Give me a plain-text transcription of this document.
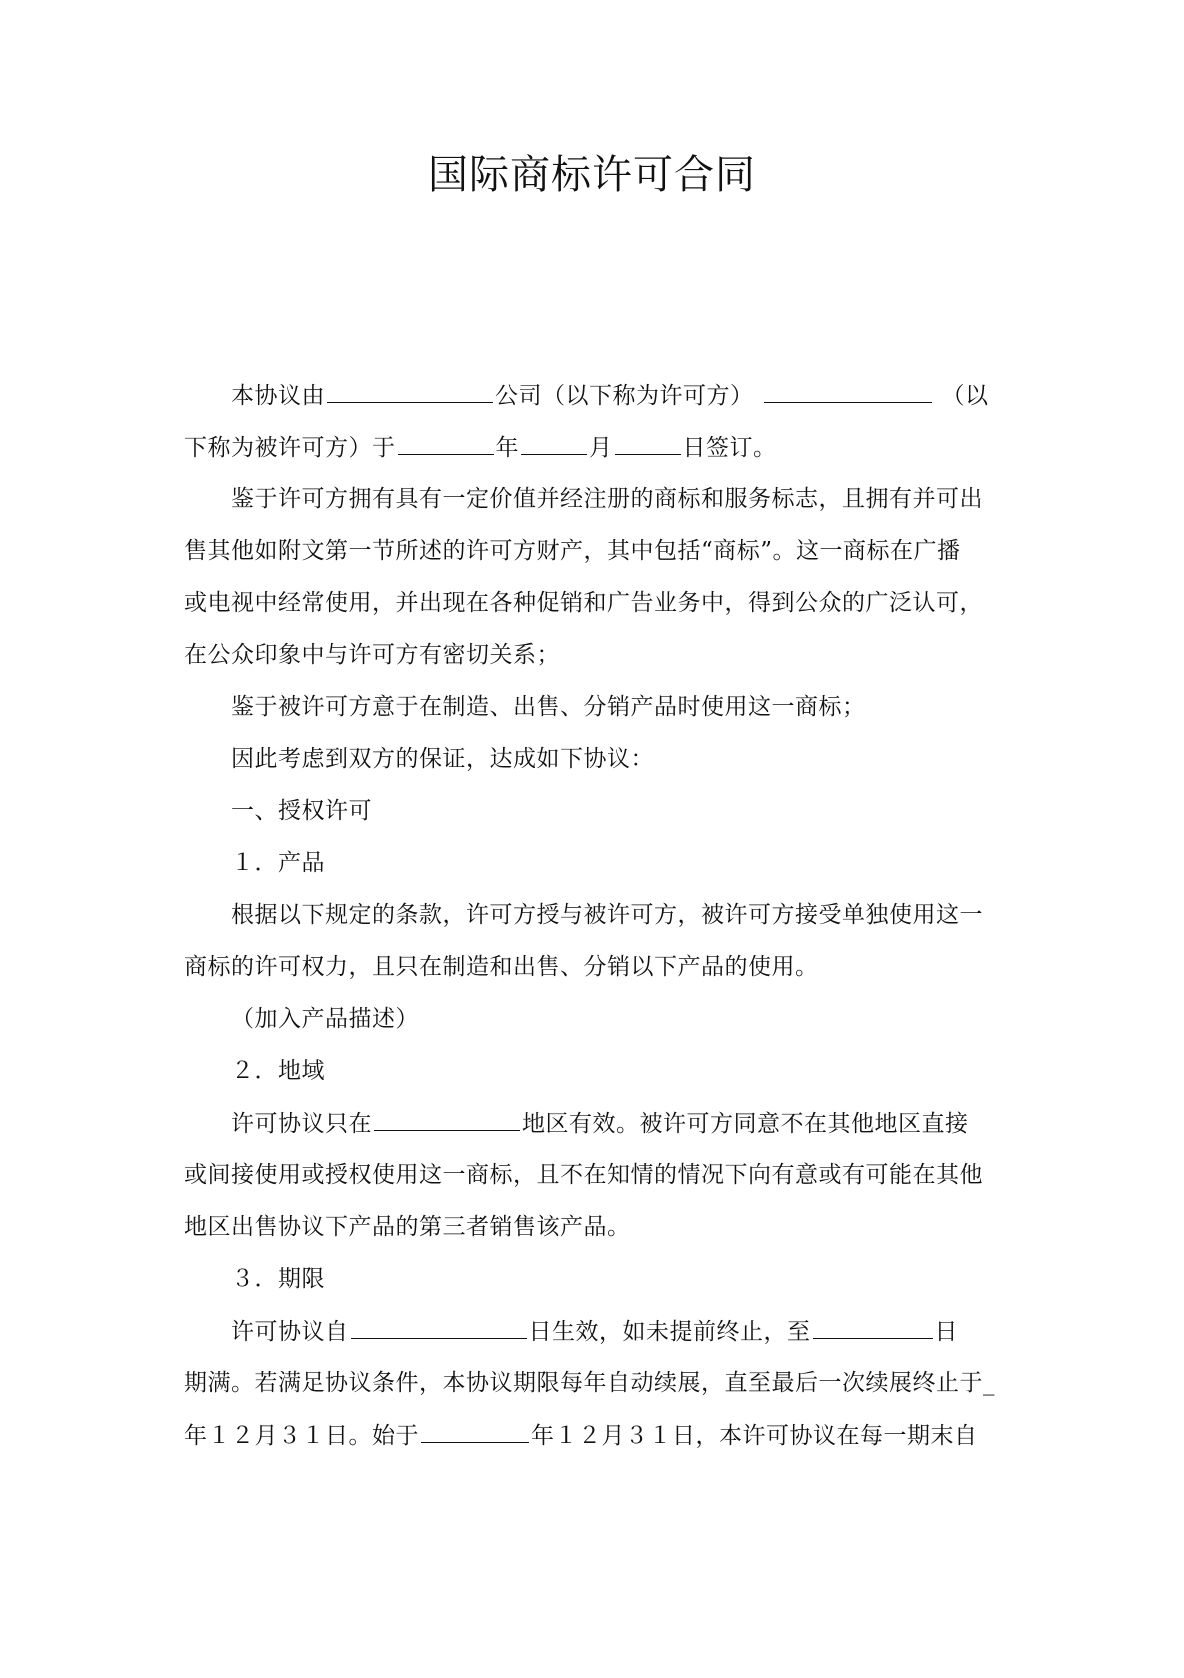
国际商标许可合同
本协议由	公司（以下称为许可方）	（以
下称为被许可方）于	年	月	日签订。
鉴于许可方拥有具有一定价值并经注册的商标和服务标志，且拥有并可出
售其他如附文第一节所述的许可方财产，其中包括“商标”。这一商标在广播
或电视中经常使用，并出现在各种促销和广告业务中，得到公众的广泛认可，
在公众印象中与许可方有密切关系；
鉴于被许可方意于在制造、出售、分销产品时使用这一商标；
因此考虑到双方的保证，达成如下协议：
一、授权许可
１．产品
根据以下规定的条款，许可方授与被许可方，被许可方接受单独使用这一
商标的许可权力，且只在制造和出售、分销以下产品的使用。
（加入产品描述）
２．地域
许可协议只在	地区有效。被许可方同意不在其他地区直接
或间接使用或授权使用这一商标，且不在知情的情况下向有意或有可能在其他
地区出售协议下产品的第三者销售该产品。
３．期限
许可协议自	日生效，如未提前终止，至	日
期满。若满足协议条件，本协议期限每年自动续展，直至最后一次续展终止于_
年１２月３１日。始于	年１２月３１日，本许可协议在每一期末自
